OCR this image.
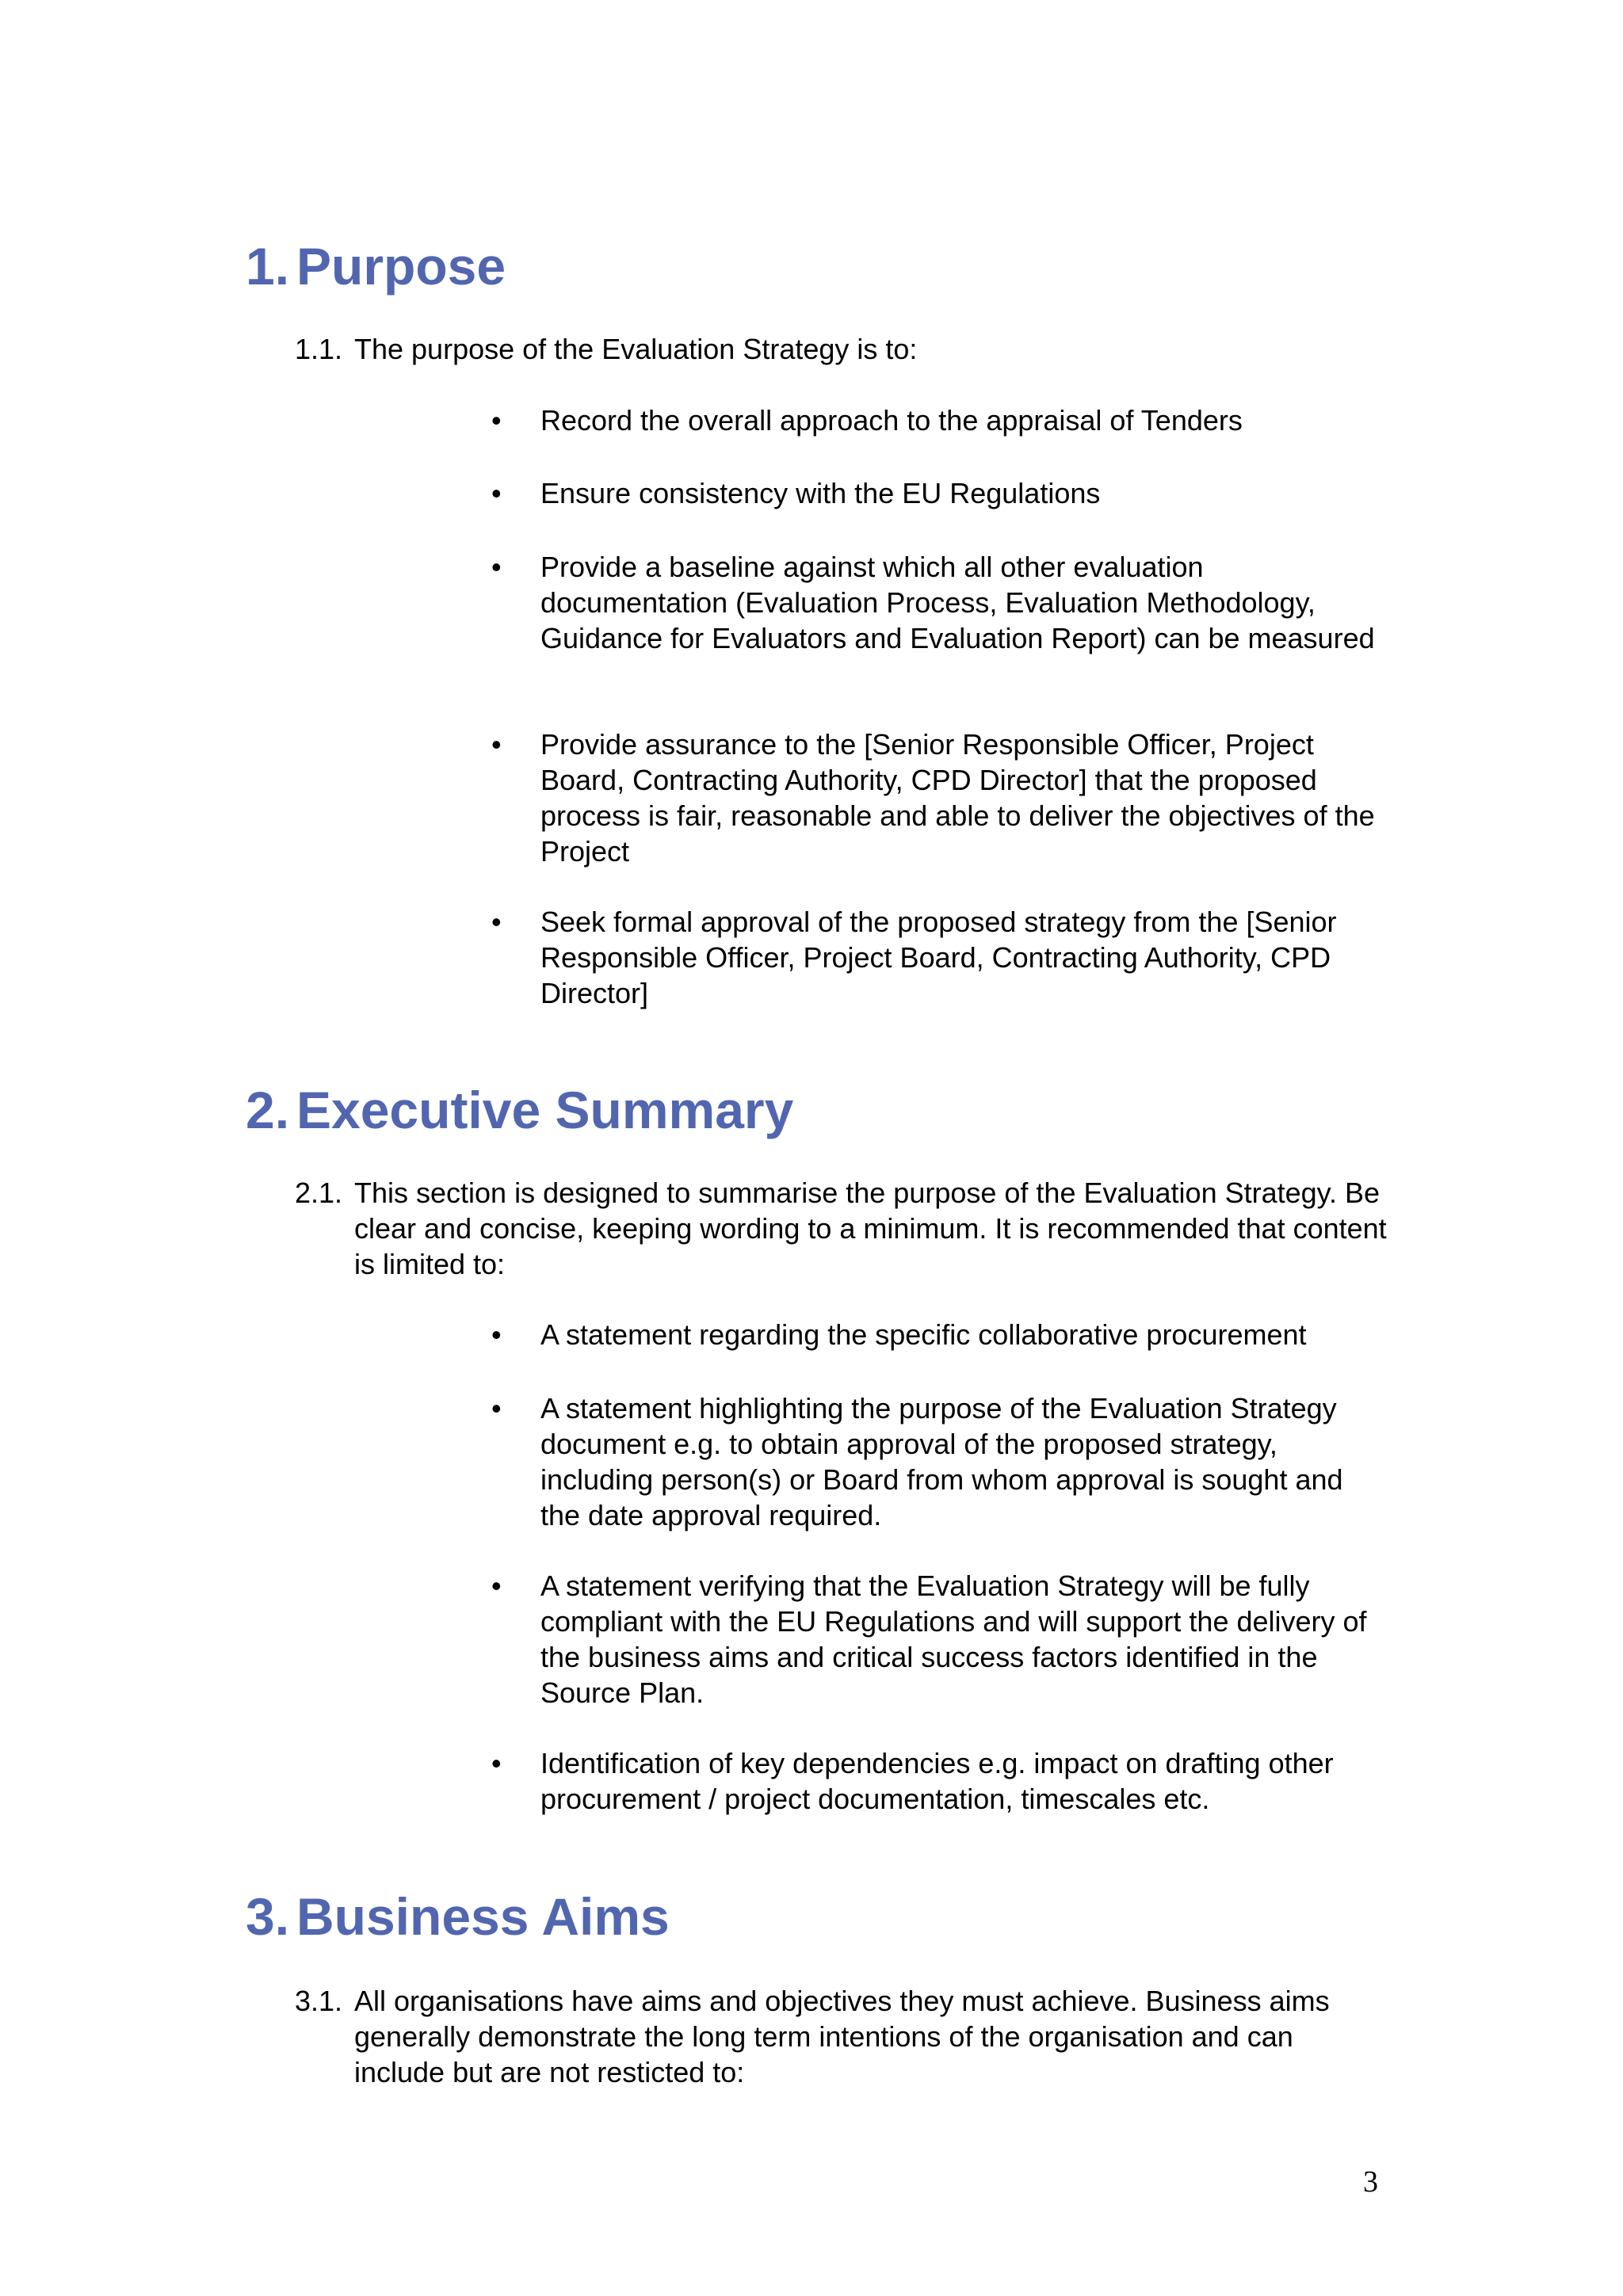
1. Purpose
1.1. The purpose of the Evaluation Strategy is to:
•	Record the overall approach to the appraisal of Tenders
•	Ensure consistency with the EU Regulations
•	Provide a baseline against which all other evaluation documentation (Evaluation Process, Evaluation Methodology, Guidance for Evaluators and Evaluation Report) can be measured
•	Provide assurance to the [Senior Responsible Officer, Project Board, Contracting Authority, CPD Director] that the proposed process is fair, reasonable and able to deliver the objectives of the Project
•	Seek formal approval of the proposed strategy from the [Senior Responsible Officer, Project Board, Contracting Authority, CPD Director]
2. Executive Summary
2.1. This section is designed to summarise the purpose of the Evaluation Strategy. Be clear and concise, keeping wording to a minimum. It is recommended that content is limited to:
•	A statement regarding the specific collaborative procurement
•	A statement highlighting the purpose of the Evaluation Strategy document e.g. to obtain approval of the proposed strategy, including person(s) or Board from whom approval is sought and the date approval required.
•	A statement verifying that the Evaluation Strategy will be fully compliant with the EU Regulations and will support the delivery of the business aims and critical success factors identified in the Source Plan.
•	Identification of key dependencies e.g. impact on drafting other procurement / project documentation, timescales etc.
3. Business Aims
3.1. All organisations have aims and objectives they must achieve. Business aims generally demonstrate the long term intentions of the organisation and can include but are not resticted to:
3
